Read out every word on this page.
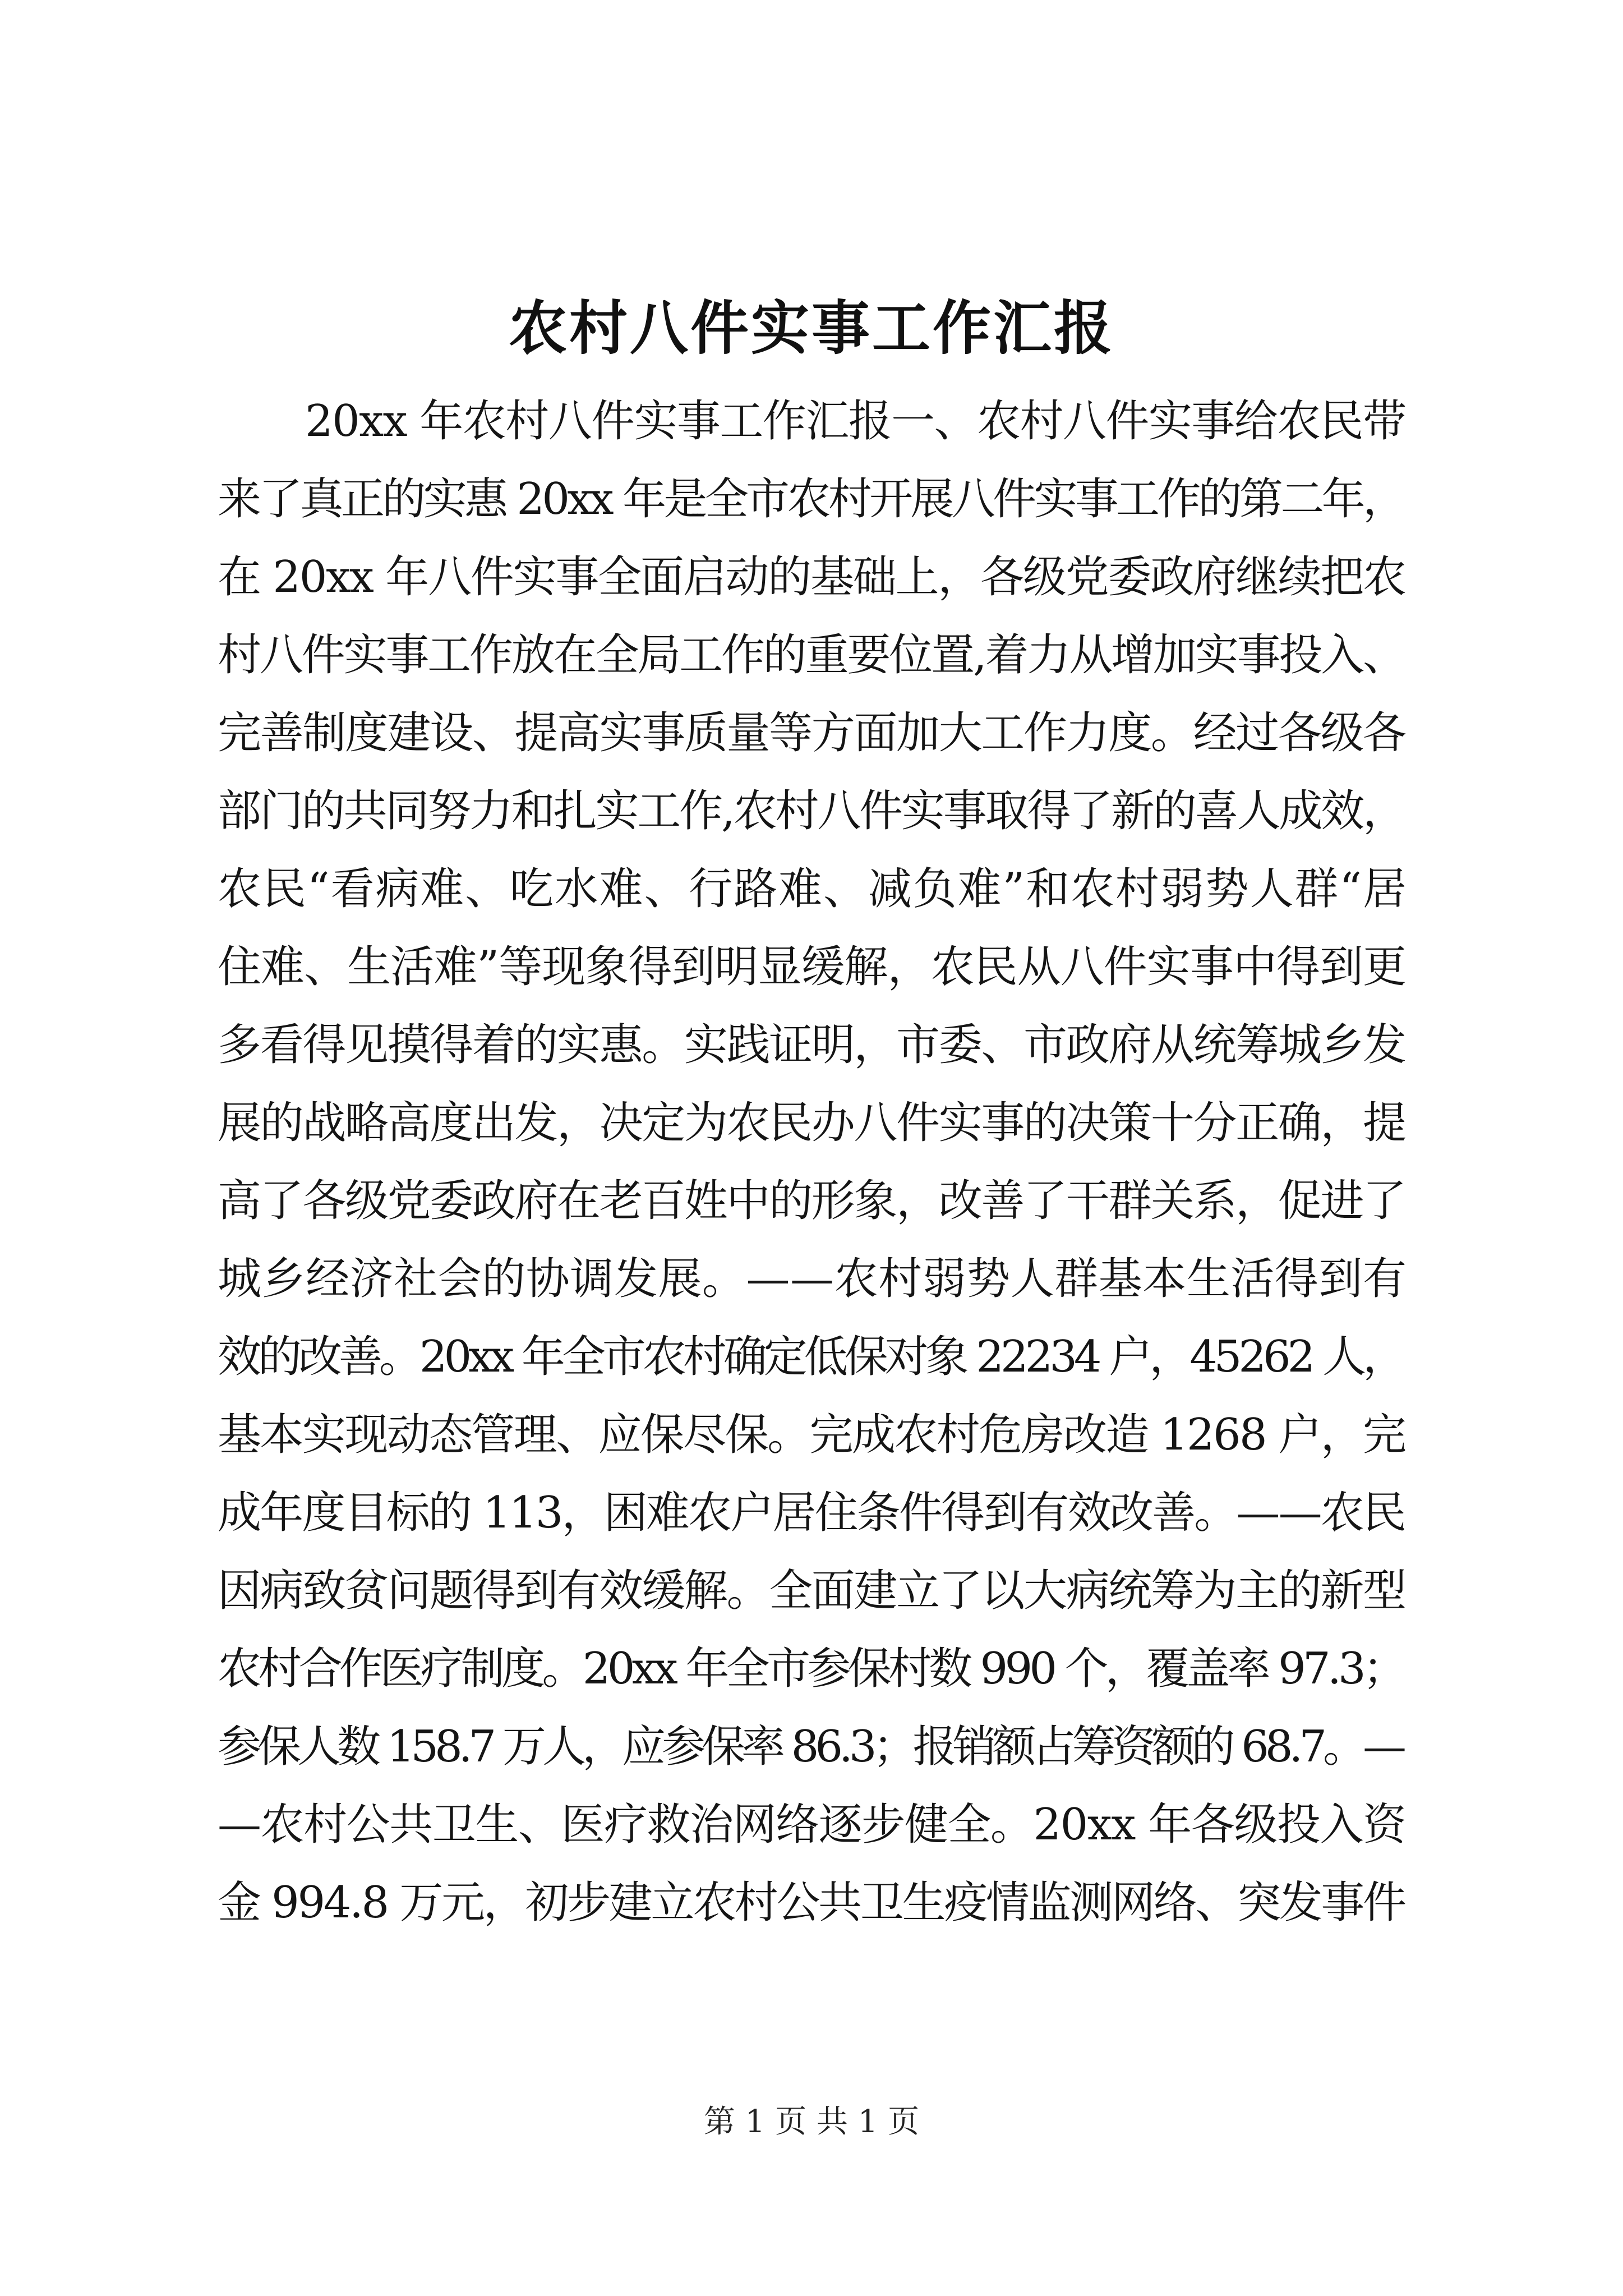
农村八件实事工作汇报
20xx 年农村八件实事工作汇报一、农村八件实事给农民带
来了真正的实惠 20xx 年是全市农村开展八件实事工作的第二年，
在 20xx 年八件实事全面启动的基础上，各级党委政府继续把农
村八件实事工作放在全局工作的重要位置,着力从增加实事投入、
完善制度建设、提高实事质量等方面加大工作力度。经过各级各
部门的共同努力和扎实工作,农村八件实事取得了新的喜人成效，
农民“看病难、吃水难、行路难、减负难”和农村弱势人群“居
住难、生活难”等现象得到明显缓解，农民从八件实事中得到更
多看得见摸得着的实惠。实践证明，市委、市政府从统筹城乡发
展的战略高度出发，决定为农民办八件实事的决策十分正确，提
高了各级党委政府在老百姓中的形象，改善了干群关系，促进了
城乡经济社会的协调发展。——农村弱势人群基本生活得到有
效的改善。20xx 年全市农村确定低保对象 22234 户，45262 人，
基本实现动态管理、应保尽保。完成农村危房改造 1268 户，完
成年度目标的 113，困难农户居住条件得到有效改善。——农民
因病致贫问题得到有效缓解。全面建立了以大病统筹为主的新型
农村合作医疗制度。20xx 年全市参保村数 990 个，覆盖率 97.3；
参保人数 158.7 万人，应参保率 86.3；报销额占筹资额的 68.7。—
—农村公共卫生、医疗救治网络逐步健全。20xx 年各级投入资
金 994.8 万元，初步建立农村公共卫生疫情监测网络、突发事件
第 1 页 共 1 页
